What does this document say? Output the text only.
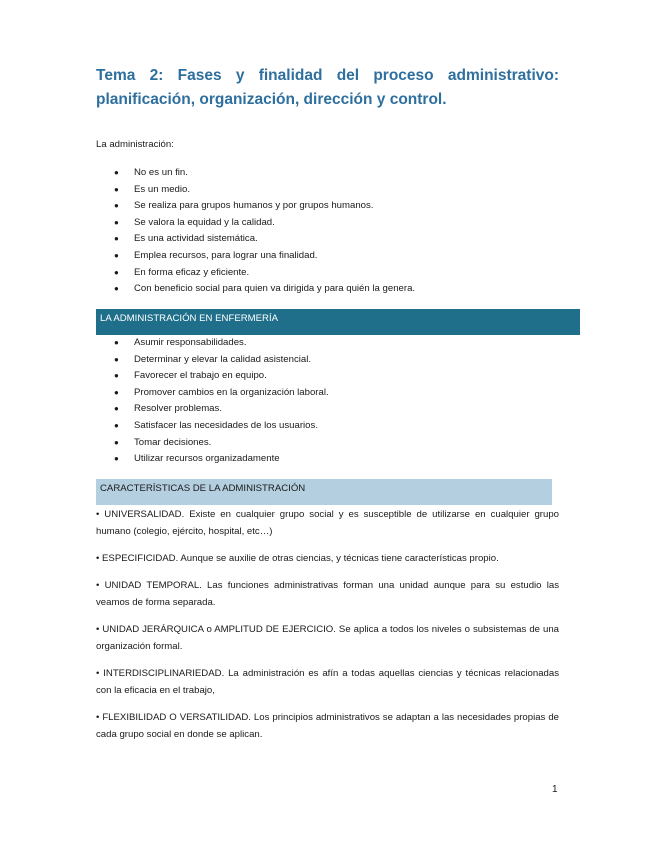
Tema 2: Fases y finalidad del proceso administrativo: planificación, organización, dirección y control.

La administración:

● No es un fin.
● Es un medio.
● Se realiza para grupos humanos y por grupos humanos.
● Se valora la equidad y la calidad.
● Es una actividad sistemática.
● Emplea recursos, para lograr una finalidad.
● En forma eficaz y eficiente.
● Con beneficio social para quien va dirigida y para quién la genera.
LA ADMINISTRACIÓN EN ENFERMERÍA
● Asumir responsabilidades.
● Determinar y elevar la calidad asistencial.
● Favorecer el trabajo en equipo.
● Promover cambios en la organización laboral.
● Resolver problemas.
● Satisfacer las necesidades de los usuarios.
● Tomar decisiones.
● Utilizar recursos organizadamente
CARACTERÍSTICAS DE LA ADMINISTRACIÓN

• UNIVERSALIDAD. Existe en cualquier grupo social y es susceptible de utilizarse en cualquier grupo humano (colegio, ejército, hospital, etc…)

• ESPECIFICIDAD. Aunque se auxilie de otras ciencias, y técnicas tiene características propio.

• UNIDAD TEMPORAL. Las funciones administrativas forman una unidad aunque para su estudio las veamos de forma separada.

• UNIDAD JERÁRQUICA o AMPLITUD DE EJERCICIO. Se aplica a todos los niveles o subsistemas de una organización formal.

• INTERDISCIPLINARIEDAD. La administración es afín a todas aquellas ciencias y técnicas relacionadas con la eficacia en el trabajo,

• FLEXIBILIDAD O VERSATILIDAD. Los principios administrativos se adaptan a las necesidades propias de cada grupo social en donde se aplican.

1
